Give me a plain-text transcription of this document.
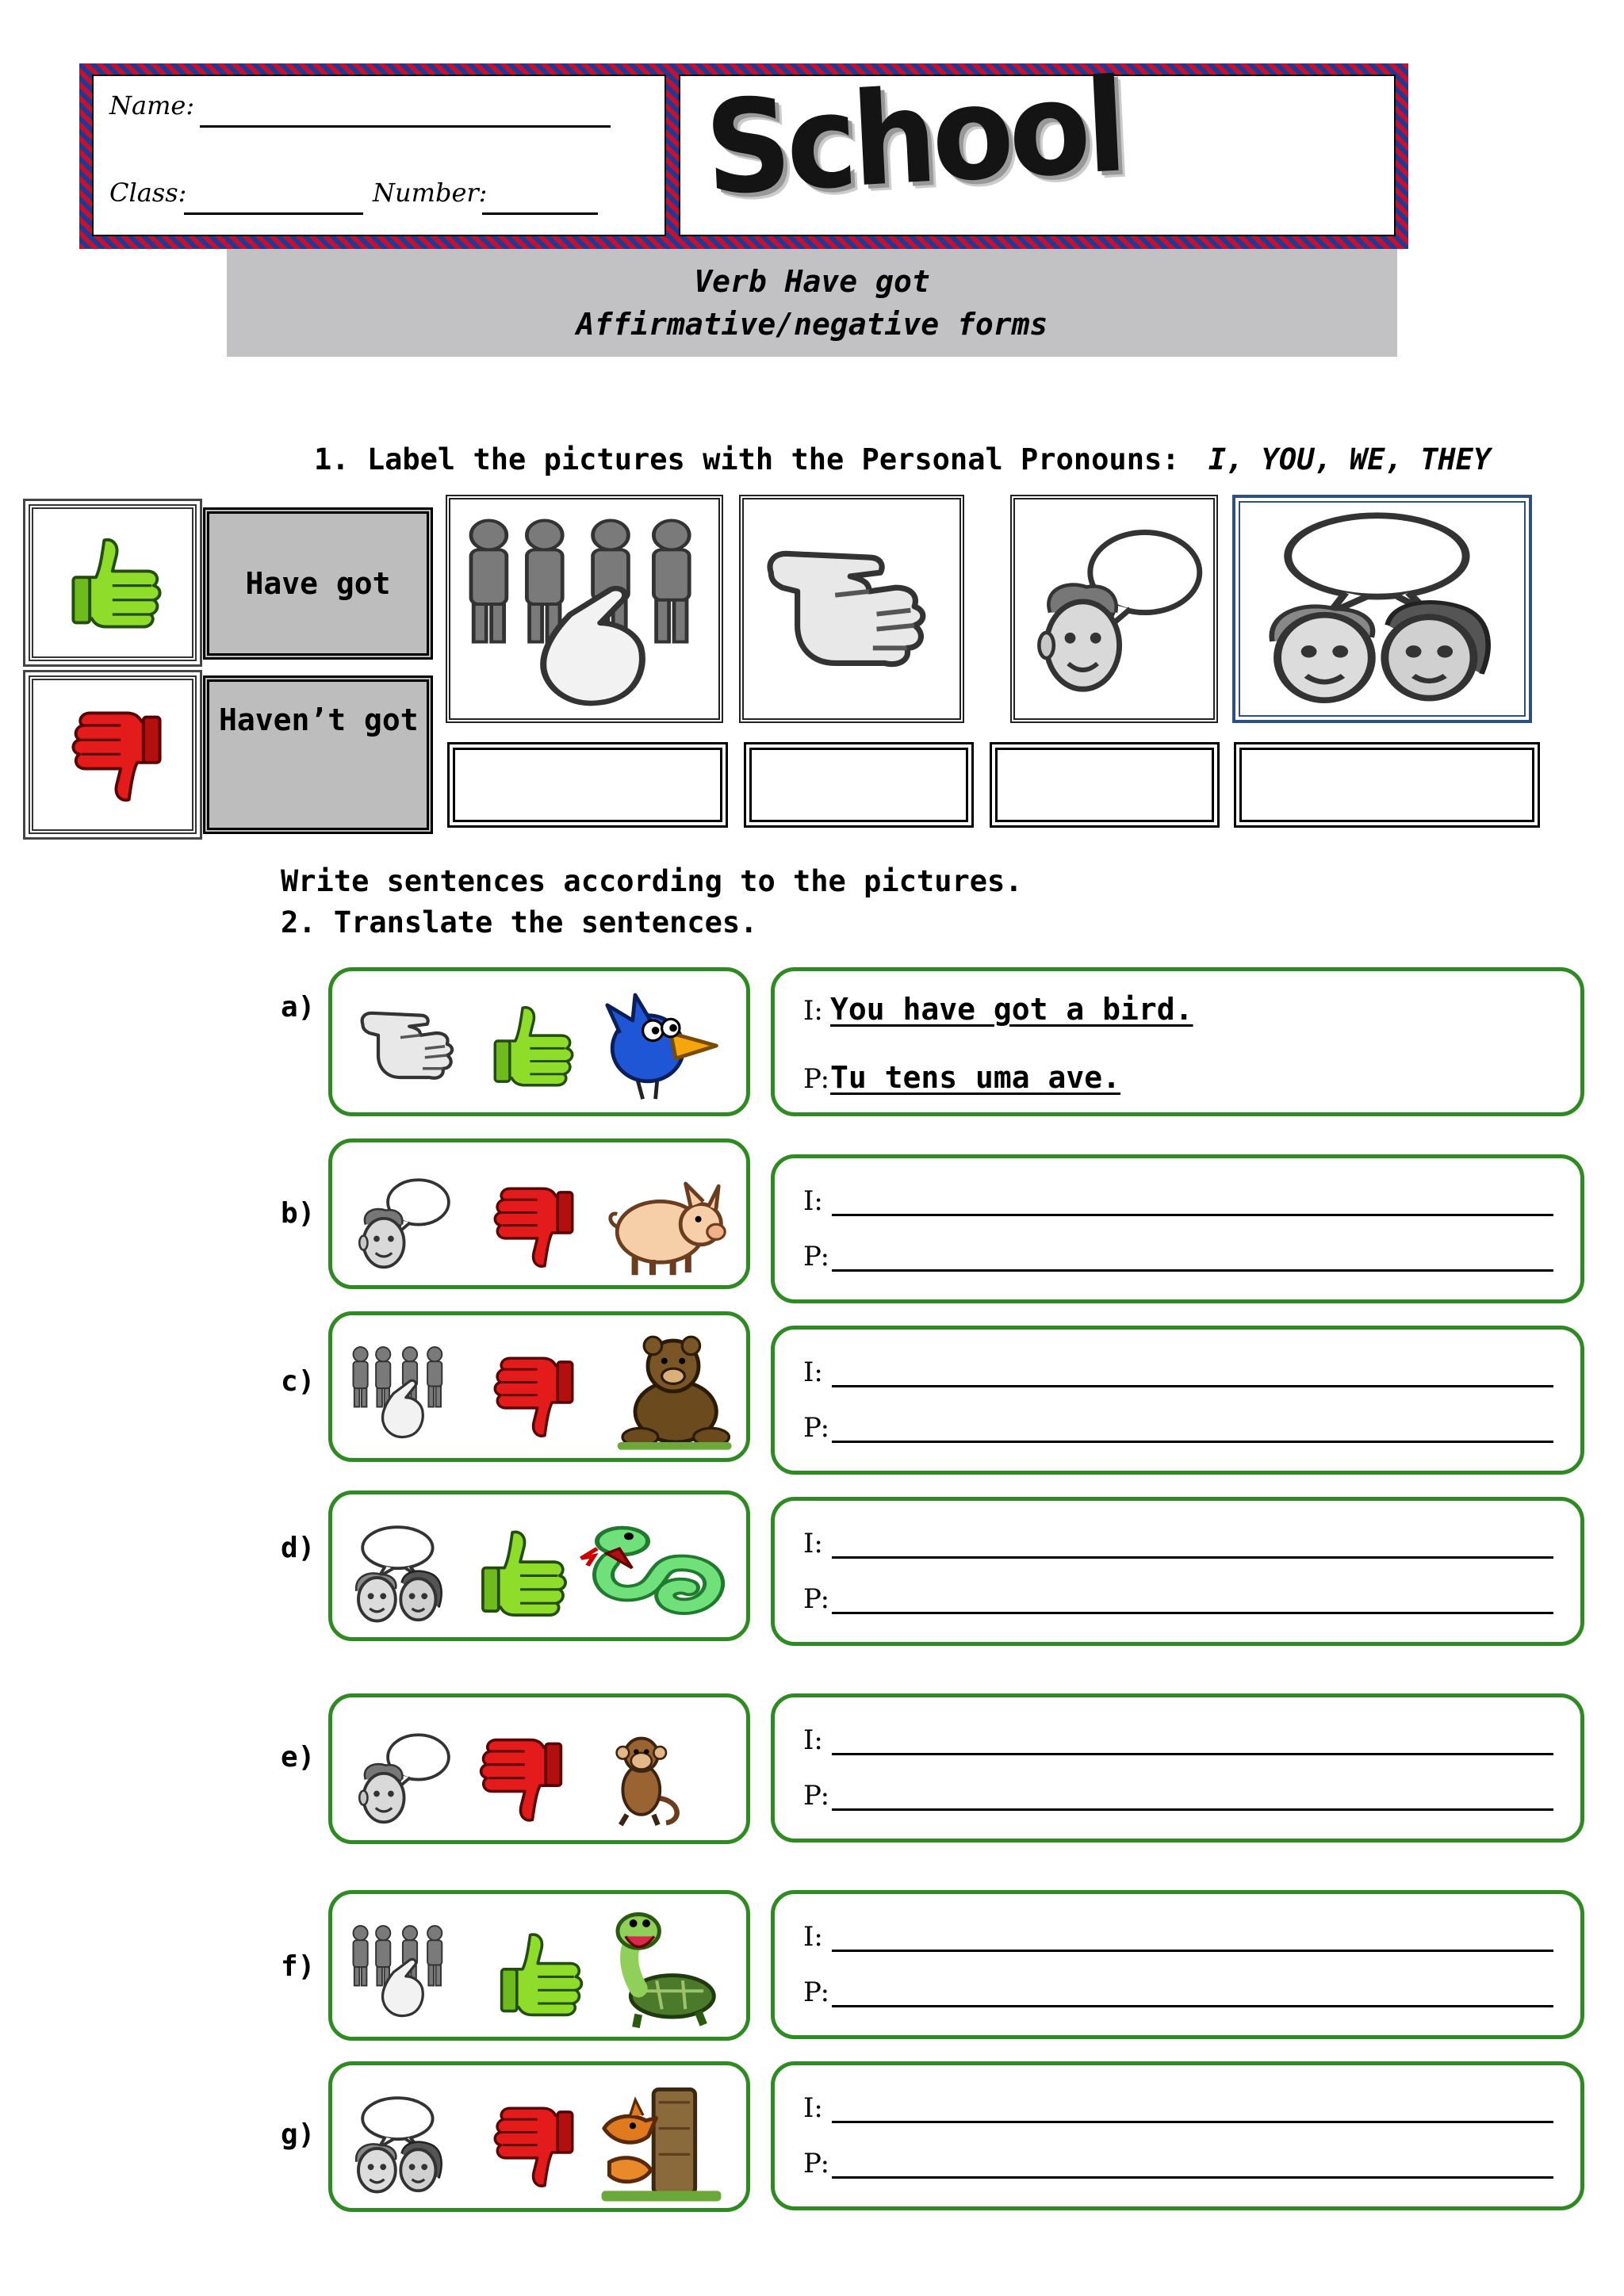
Name:
Class:	Number: School
Verb Have got
Affirmative/negative forms
1. Label the pictures with the Personal Pronouns: I, YOU, WE, THEY
Have got
Haven’t got
Write sentences according to the pictures.
2. Translate the sentences.
a)	I: You have got a bird.
P: Tu tens uma ave.
b)	I:
P:
c)	I:
P:
d)	I:
P:
e)
I:
P:
f)
I:
P:
g)
I:
P:
